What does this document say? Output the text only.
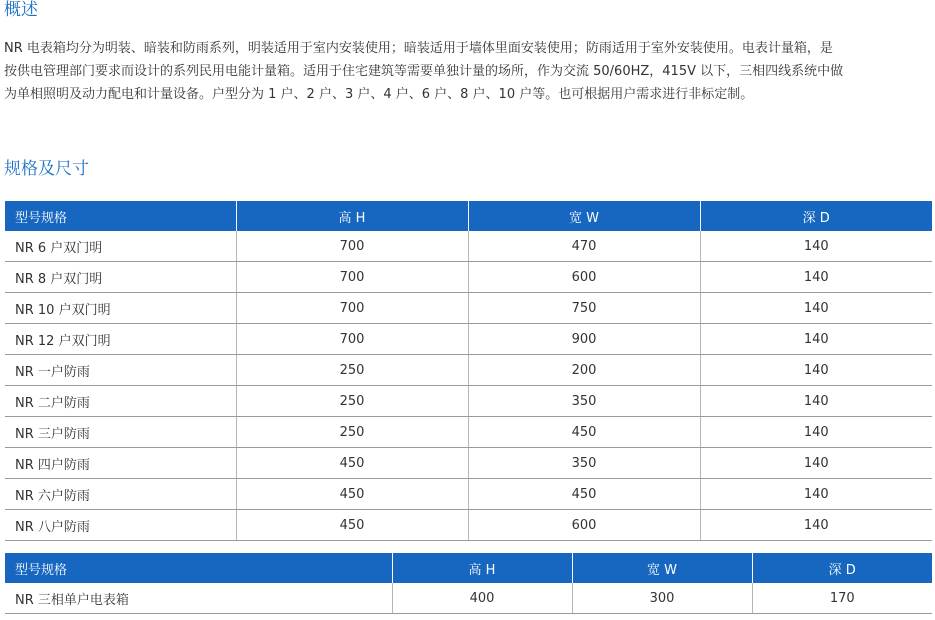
概述

NR 电表箱均分为明装、暗装和防雨系列，明装适用于室内安装使用；暗装适用于墙体里面安装使用；防雨适用于室外安装使用。电表计量箱，是
按供电管理部门要求而设计的系列民用电能计量箱。适用于住宅建筑等需要单独计量的场所，作为交流 50/60HZ，415V 以下，三相四线系统中做
为单相照明及动力配电和计量设备。户型分为 1 户、2 户、3 户、4 户、6 户、8 户、10 户等。也可根据用户需求进行非标定制。

规格及尺寸
型号规格	高 H	宽 W	深 D
NR 6 户双门明	700	470	140
NR 8 户双门明	700	600	140
NR 10 户双门明	700	750	140
NR 12 户双门明	700	900	140
NR 一户防雨	250	200	140
NR 二户防雨	250	350	140
NR 三户防雨	250	450	140
NR 四户防雨	450	350	140
NR 六户防雨	450	450	140
NR 八户防雨	450	600	140
型号规格	高 H	宽 W	深 D
NR 三相单户电表箱	400	300	170
